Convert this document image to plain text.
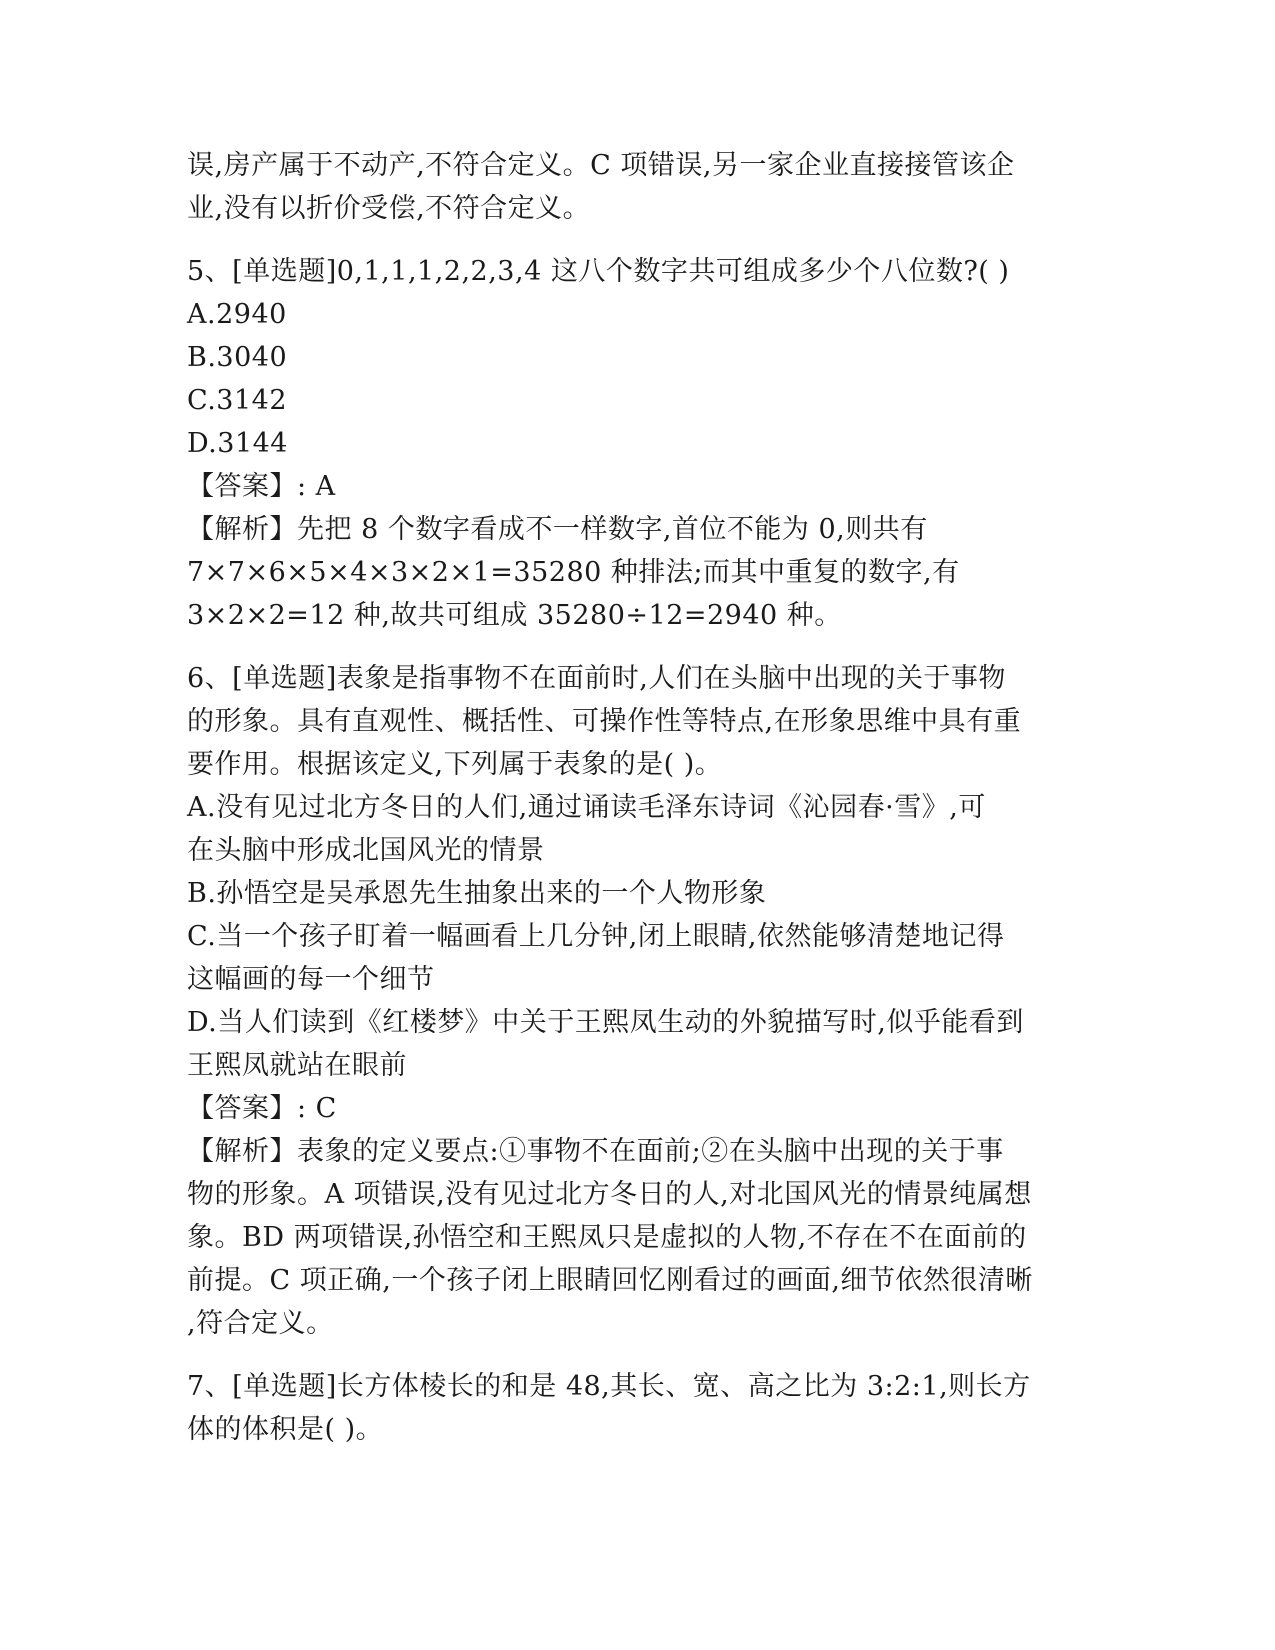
误,房产属于不动产,不符合定义。C 项错误,另一家企业直接接管该企

业,没有以折价受偿,不符合定义。

5、[单选题]0,1,1,1,2,2,3,4 这八个数字共可组成多少个八位数?( )

A.2940

B.3040

C.3142

D.3144

【答案】: A

【解析】先把 8 个数字看成不一样数字,首位不能为 0,则共有

7×7×6×5×4×3×2×1=35280 种排法;而其中重复的数字,有

3×2×2=12 种,故共可组成 35280÷12=2940 种。

6、[单选题]表象是指事物不在面前时,人们在头脑中出现的关于事物

的形象。具有直观性、概括性、可操作性等特点,在形象思维中具有重

要作用。根据该定义,下列属于表象的是( )。

A.没有见过北方冬日的人们,通过诵读毛泽东诗词《沁园春·雪》,可

在头脑中形成北国风光的情景

B.孙悟空是吴承恩先生抽象出来的一个人物形象

C.当一个孩子盯着一幅画看上几分钟,闭上眼睛,依然能够清楚地记得

这幅画的每一个细节

D.当人们读到《红楼梦》中关于王熙凤生动的外貌描写时,似乎能看到

王熙凤就站在眼前

【答案】: C

【解析】表象的定义要点:①事物不在面前;②在头脑中出现的关于事

物的形象。A 项错误,没有见过北方冬日的人,对北国风光的情景纯属想

象。BD 两项错误,孙悟空和王熙凤只是虚拟的人物,不存在不在面前的

前提。C 项正确,一个孩子闭上眼睛回忆刚看过的画面,细节依然很清晰

,符合定义。

7、[单选题]长方体棱长的和是 48,其长、宽、高之比为 3:2:1,则长方

体的体积是( )。
